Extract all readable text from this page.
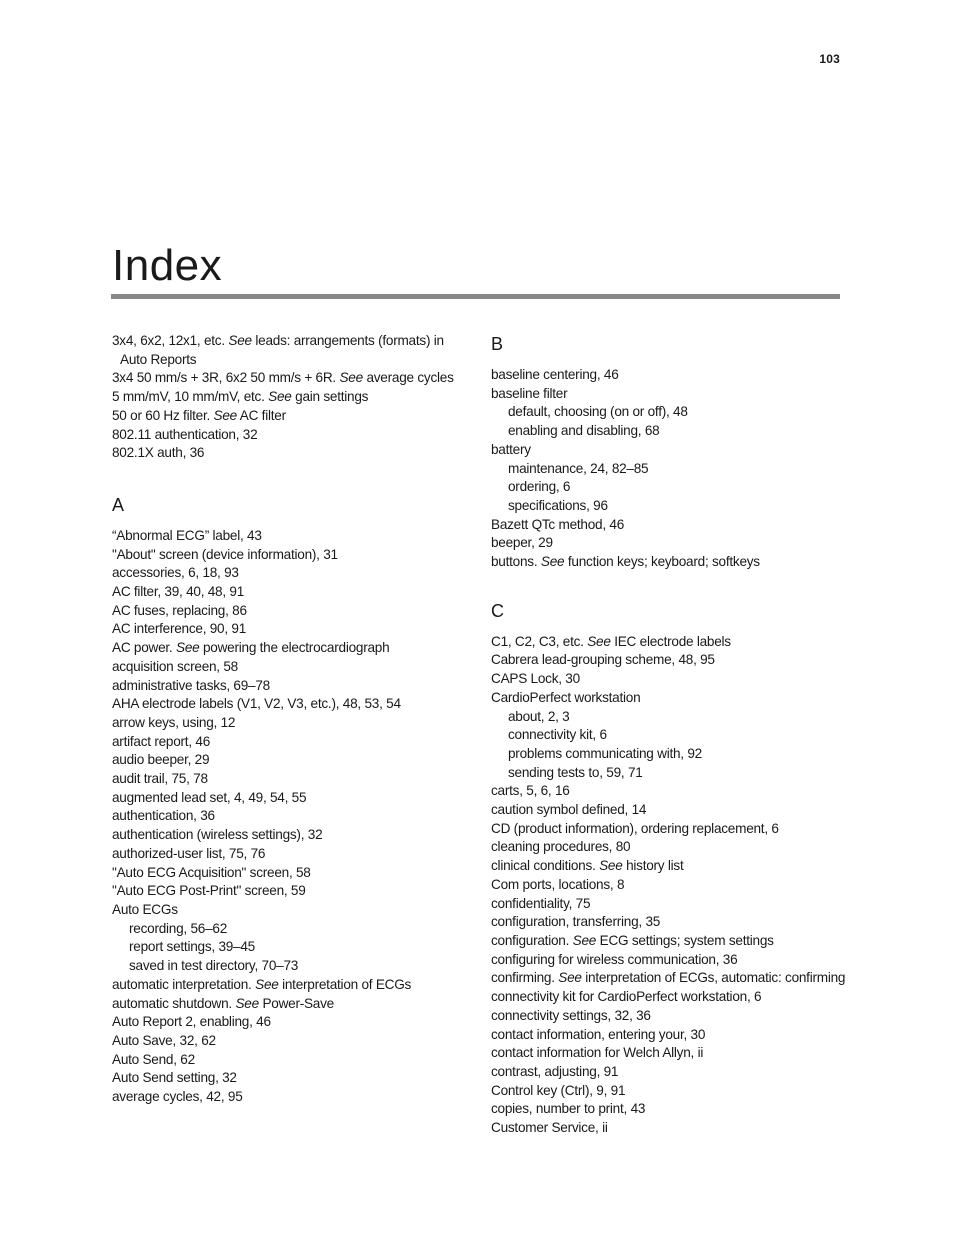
103
Index
3x4, 6x2, 12x1, etc. See leads: arrangements (formats) in
Auto Reports
3x4 50 mm/s + 3R, 6x2 50 mm/s + 6R. See average cycles
5 mm/mV, 10 mm/mV, etc. See gain settings
50 or 60 Hz filter. See AC filter
802.11 authentication, 32
802.1X auth, 36
A
“Abnormal ECG” label, 43
"About" screen (device information), 31
accessories, 6, 18, 93
AC filter, 39, 40, 48, 91
AC fuses, replacing, 86
AC interference, 90, 91
AC power. See powering the electrocardiograph
acquisition screen, 58
administrative tasks, 69–78
AHA electrode labels (V1, V2, V3, etc.), 48, 53, 54
arrow keys, using, 12
artifact report, 46
audio beeper, 29
audit trail, 75, 78
augmented lead set, 4, 49, 54, 55
authentication, 36
authentication (wireless settings), 32
authorized-user list, 75, 76
"Auto ECG Acquisition" screen, 58
"Auto ECG Post-Print" screen, 59
Auto ECGs
recording, 56–62
report settings, 39–45
saved in test directory, 70–73
automatic interpretation. See interpretation of ECGs
automatic shutdown. See Power-Save
Auto Report 2, enabling, 46
Auto Save, 32, 62
Auto Send, 62
Auto Send setting, 32
average cycles, 42, 95
B
baseline centering, 46
baseline filter
default, choosing (on or off), 48
enabling and disabling, 68
battery
maintenance, 24, 82–85
ordering, 6
specifications, 96
Bazett QTc method, 46
beeper, 29
buttons. See function keys; keyboard; softkeys
C
C1, C2, C3, etc. See IEC electrode labels
Cabrera lead-grouping scheme, 48, 95
CAPS Lock, 30
CardioPerfect workstation
about, 2, 3
connectivity kit, 6
problems communicating with, 92
sending tests to, 59, 71
carts, 5, 6, 16
caution symbol defined, 14
CD (product information), ordering replacement, 6
cleaning procedures, 80
clinical conditions. See history list
Com ports, locations, 8
confidentiality, 75
configuration, transferring, 35
configuration. See ECG settings; system settings
configuring for wireless communication, 36
confirming. See interpretation of ECGs, automatic: confirming
connectivity kit for CardioPerfect workstation, 6
connectivity settings, 32, 36
contact information, entering your, 30
contact information for Welch Allyn, ii
contrast, adjusting, 91
Control key (Ctrl), 9, 91
copies, number to print, 43
Customer Service, ii
